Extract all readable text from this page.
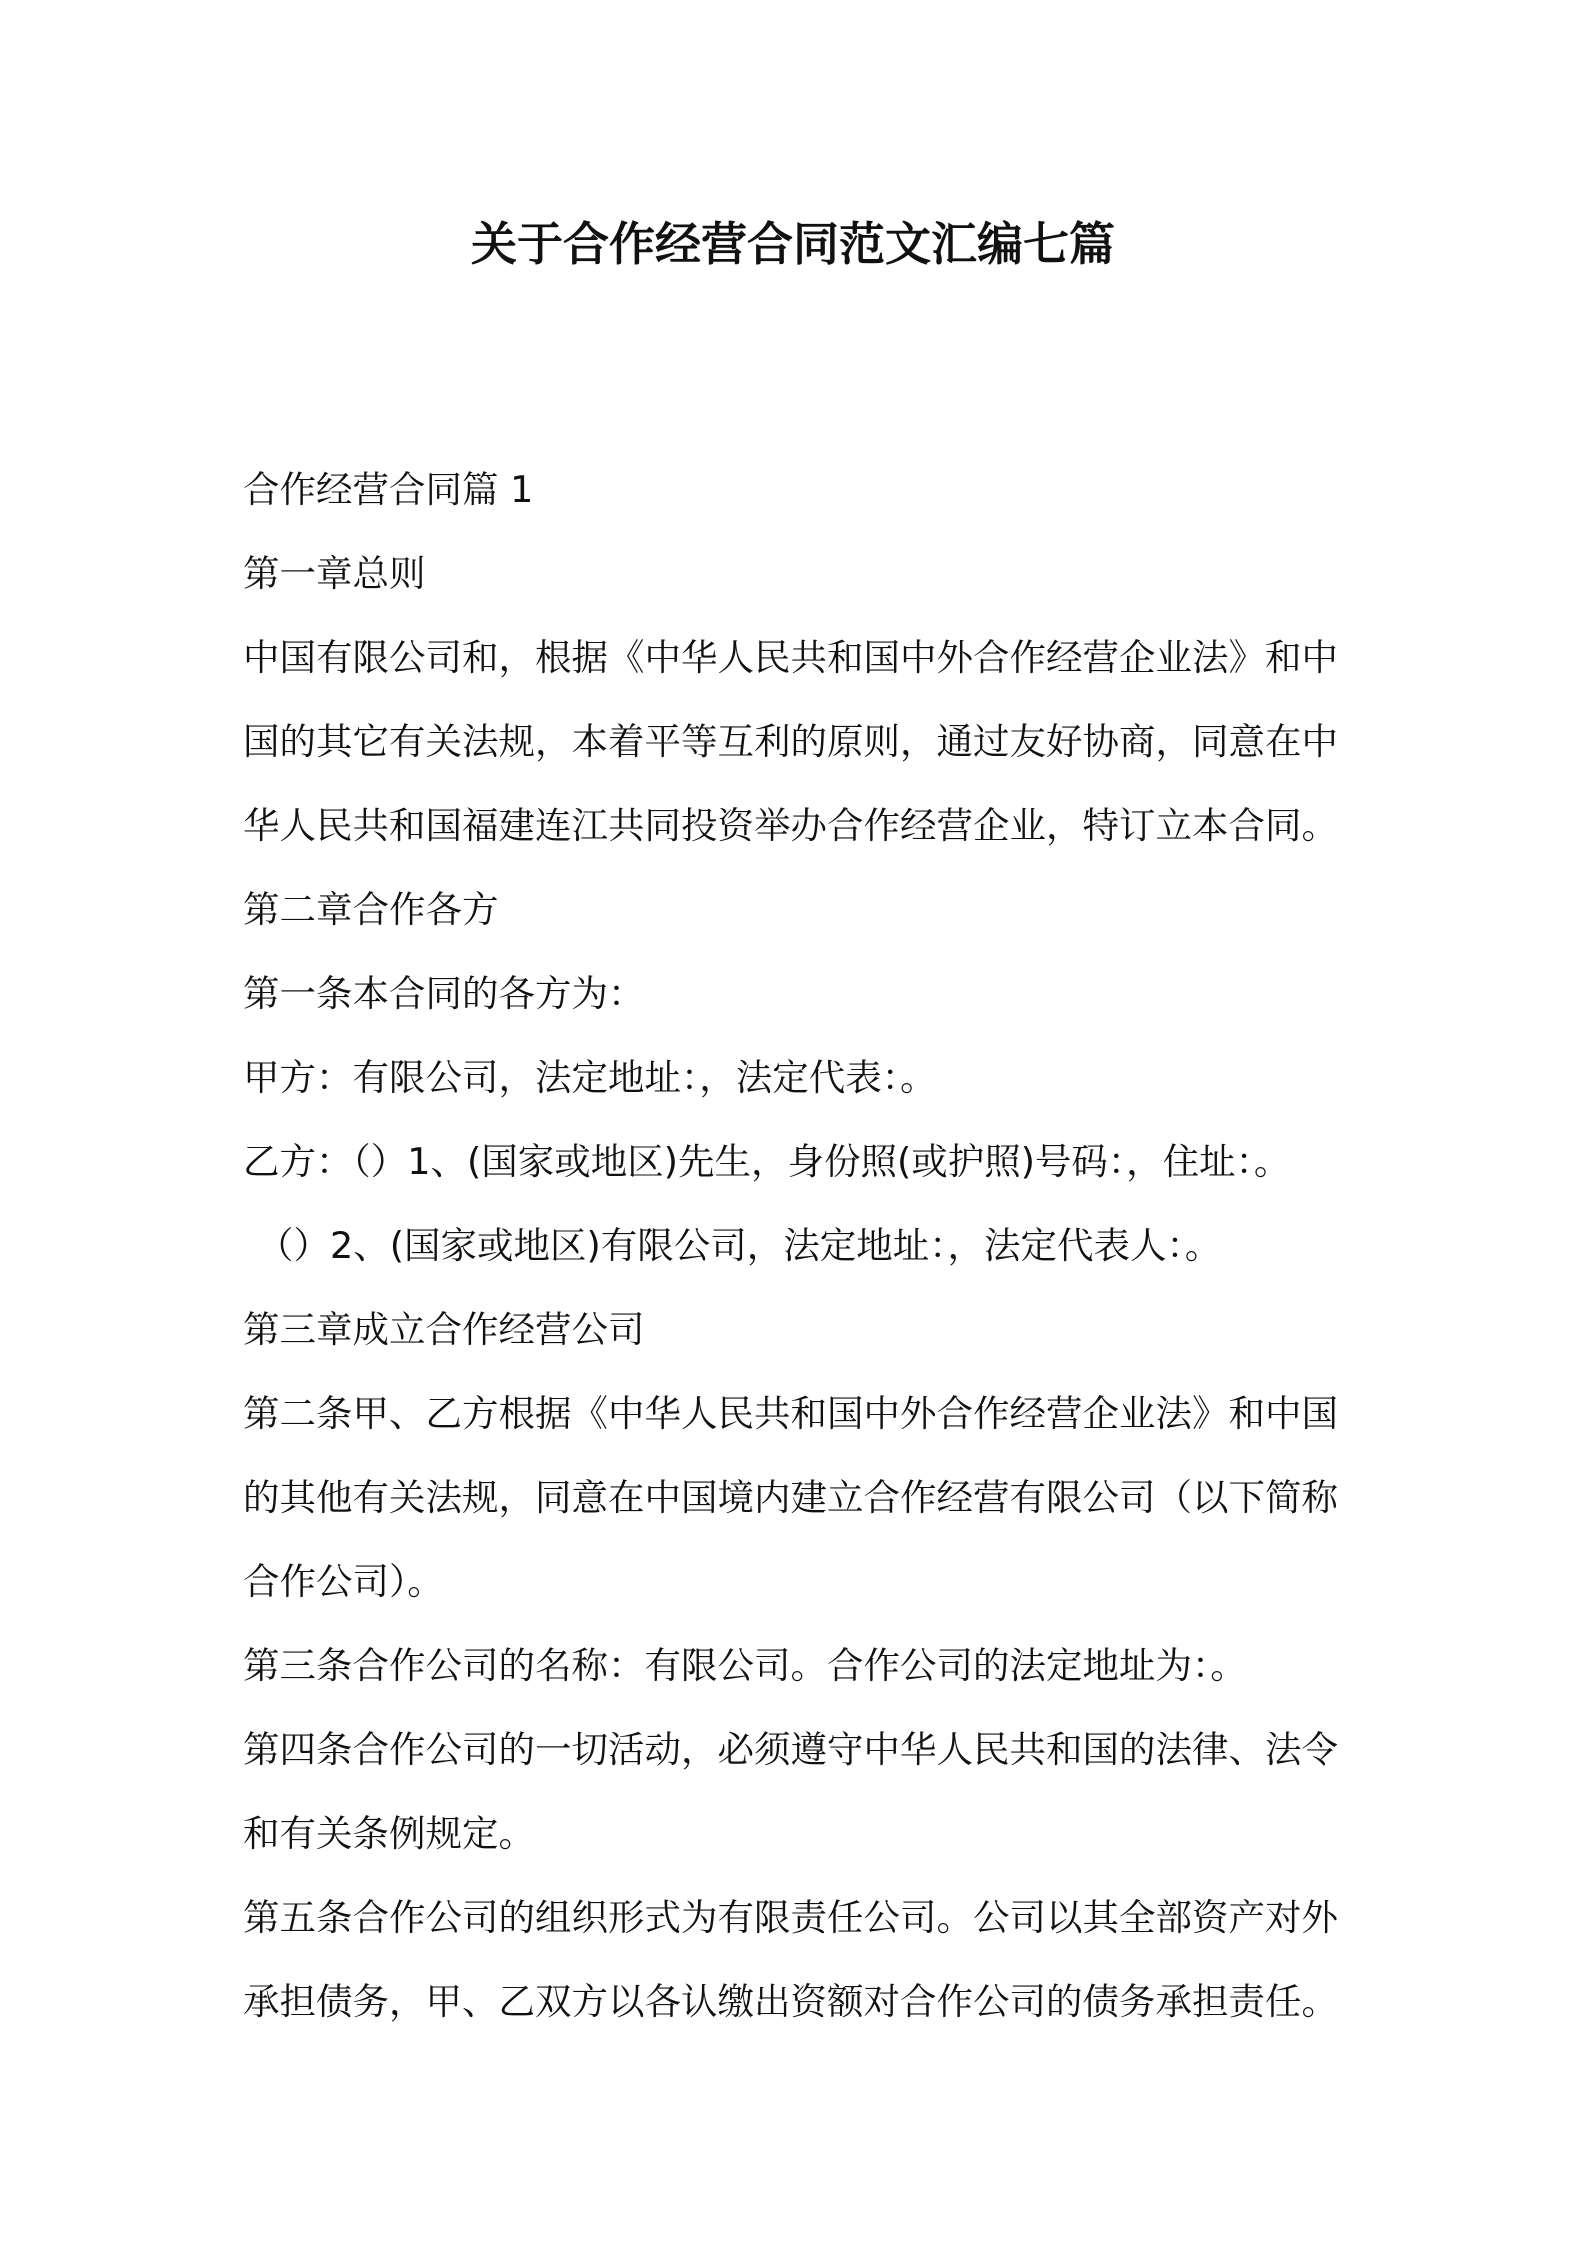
关于合作经营合同范文汇编七篇
合作经营合同篇 1
第一章总则
中国有限公司和，根据《中华人民共和国中外合作经营企业法》和中
国的其它有关法规，本着平等互利的原则，通过友好协商，同意在中
华人民共和国福建连江共同投资举办合作经营企业，特订立本合同。
第二章合作各方
第一条本合同的各方为：
甲方：有限公司，法定地址：，法定代表：。
乙方：（）1、(国家或地区)先生，身份照(或护照)号码：，住址：。
（）2、(国家或地区)有限公司，法定地址：，法定代表人：。
第三章成立合作经营公司
第二条甲、乙方根据《中华人民共和国中外合作经营企业法》和中国
的其他有关法规，同意在中国境内建立合作经营有限公司（以下简称
合作公司）。
第三条合作公司的名称：有限公司。合作公司的法定地址为：。
第四条合作公司的一切活动，必须遵守中华人民共和国的法律、法令
和有关条例规定。
第五条合作公司的组织形式为有限责任公司。公司以其全部资产对外
承担债务，甲、乙双方以各认缴出资额对合作公司的债务承担责任。
